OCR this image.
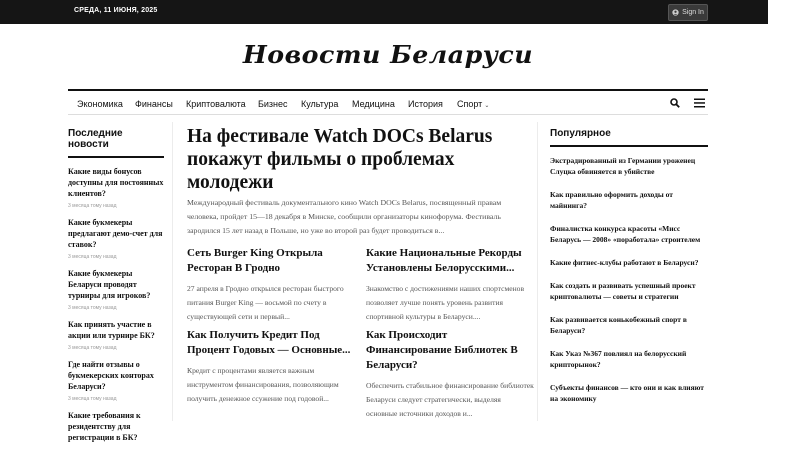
СРЕДА, 11 ИЮНЯ, 2025	Sign In
Новости Беларуси
Экономика Финансы Криптовалюта Бизнес Культура Медицина История Спорт ⌄
Последние новости
Какие виды бонусов доступны для постоянных клиентов?
3 месяца тому назад
Какие букмекеры предлагают демо-счет для ставок?
3 месяца тому назад
Какие букмекеры Беларуси проводят турниры для игроков?
3 месяца тому назад
Как принять участие в акции или турнире БК?
3 месяца тому назад
Где найти отзывы о букмекерских конторах Беларуси?
3 месяца тому назад
Какие требования к резидентству для регистрации в БК?
На фестивале Watch DOCs Belarus покажут фильмы о проблемах молодежи
Международный фестиваль документального кино Watch DOCs Belarus, посвященный правам человека, пройдет 15—18 декабря в Минске, сообщили организаторы кинофорума. Фестиваль зародился 15 лет назад в Польше, но уже во второй раз будет проводиться в...
Сеть Burger King Открыла Ресторан В Гродно
27 апреля в Гродно открылся ресторан быстрого питания Burger King — восьмой по счету в существующей сети и первый...
Какие Национальные Рекорды Установлены Белорусскими...
Знакомство с достижениями наших спортсменов позволяет лучше понять уровень развития спортивной культуры в Беларуси....
Как Получить Кредит Под Процент Годовых — Основные...
Кредит с процентами является важным инструментом финансирования, позволяющим получить денежное ссужение под годовой...
Как Происходит Финансирование Библиотек В Беларуси?
Обеспечить стабильное финансирование библиотек Беларуси следует стратегически, выделяя основные источники доходов и...
Популярное
Экстрадированный из Германии уроженец Слуцка обвиняется в убийстве
Как правильно оформить доходы от майнинга?
Финалистка конкурса красоты «Мисс Беларусь — 2008» «поработала» строителем
Какие фитнес-клубы работают в Беларуси?
Как создать и развивать успешный проект криптовалюты — советы и стратегии
Как развивается конькобежный спорт в Беларуси?
Как Указ №367 повлиял на белорусский крипторынок?
Субъекты финансов — кто они и как влияют на экономику
